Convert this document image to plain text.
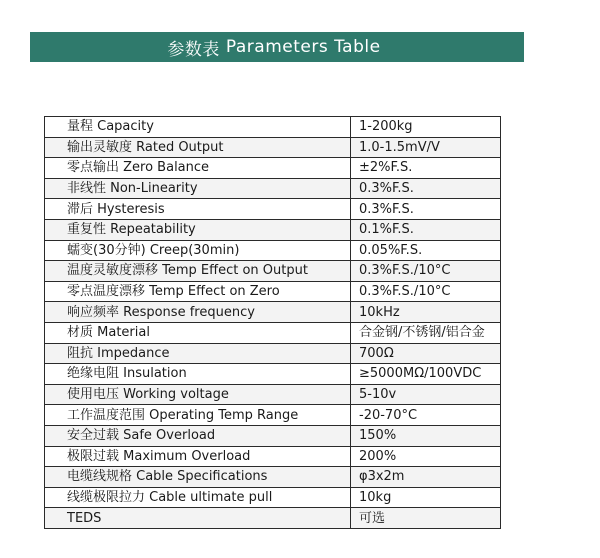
参数表 Parameters Table
量程 Capacity	1-200kg
输出灵敏度 Rated Output	1.0-1.5mV/V
零点输出 Zero Balance	±2%F.S.
非线性 Non-Linearity	0.3%F.S.
滞后 Hysteresis	0.3%F.S.
重复性 Repeatability	0.1%F.S.
蠕变(30分钟) Creep(30min)	0.05%F.S.
温度灵敏度漂移 Temp Effect on Output	0.3%F.S./10°C
零点温度漂移 Temp Effect on Zero	0.3%F.S./10°C
响应频率 Response frequency	10kHz
材质 Material	合金钢/不锈钢/铝合金
阻抗 Impedance	700Ω
绝缘电阻 Insulation	≥5000MΩ/100VDC
使用电压 Working voltage	5-10v
工作温度范围 Operating Temp Range	-20-70°C
安全过载 Safe Overload	150%
极限过载 Maximum Overload	200%
电缆线规格 Cable Specifications	φ3x2m
线缆极限拉力 Cable ultimate pull	10kg
TEDS	可选
